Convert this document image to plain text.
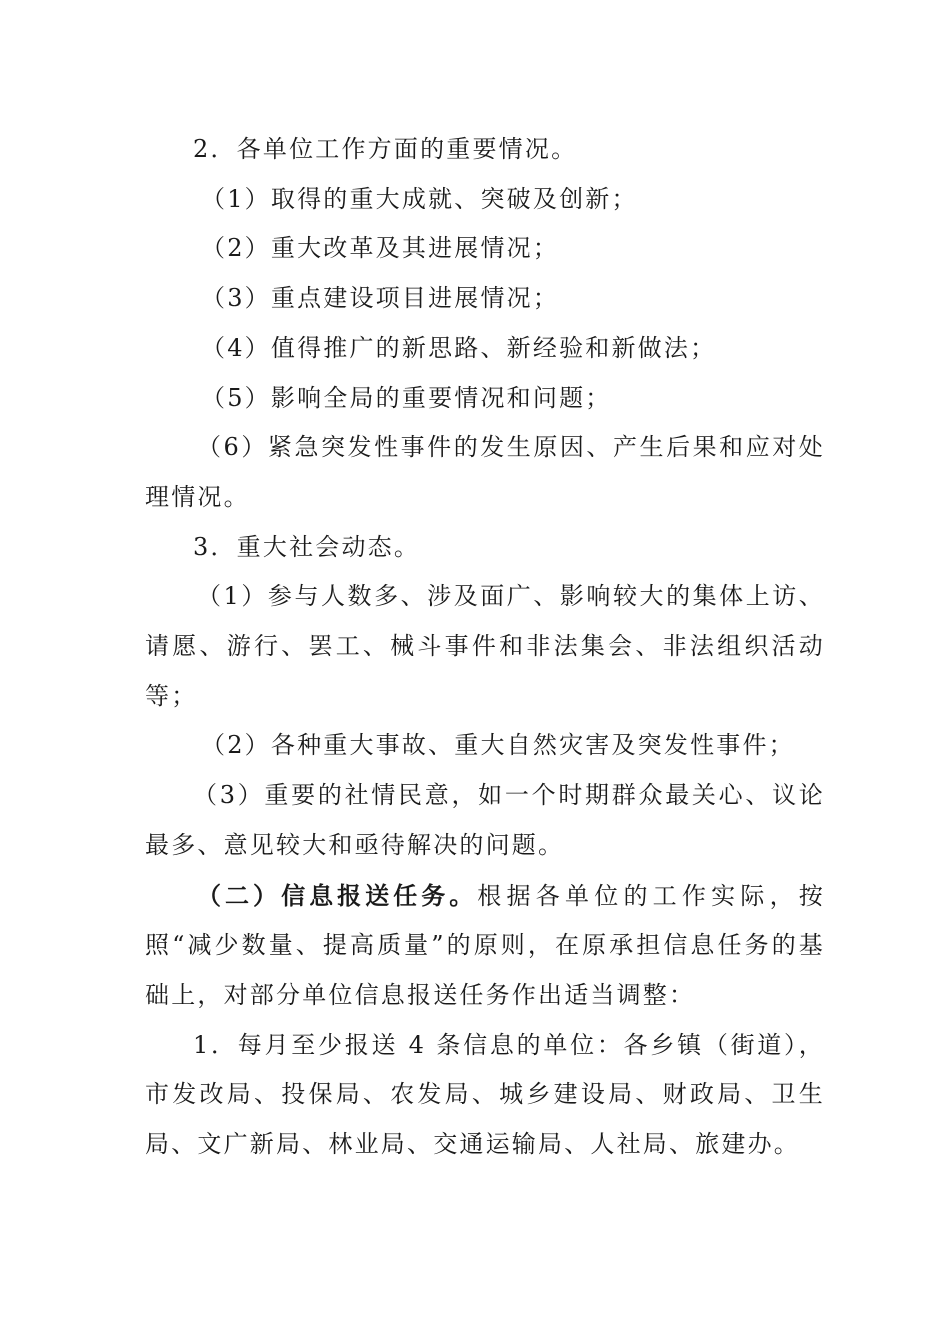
2．各单位工作方面的重要情况。

（1）取得的重大成就、突破及创新；

（2）重大改革及其进展情况；

（3）重点建设项目进展情况；

（4）值得推广的新思路、新经验和新做法；

（5）影响全局的重要情况和问题；

（6）紧急突发性事件的发生原因、产生后果和应对处理情况。

3．重大社会动态。

（1）参与人数多、涉及面广、影响较大的集体上访、请愿、游行、罢工、械斗事件和非法集会、非法组织活动等；

（2）各种重大事故、重大自然灾害及突发性事件；

（3）重要的社情民意，如一个时期群众最关心、议论最多、意见较大和亟待解决的问题。

（二）信息报送任务。根据各单位的工作实际，按照“减少数量、提高质量”的原则，在原承担信息任务的基础上，对部分单位信息报送任务作出适当调整：

1．每月至少报送 4 条信息的单位：各乡镇（街道），市发改局、投保局、农发局、城乡建设局、财政局、卫生局、文广新局、林业局、交通运输局、人社局、旅建办。
